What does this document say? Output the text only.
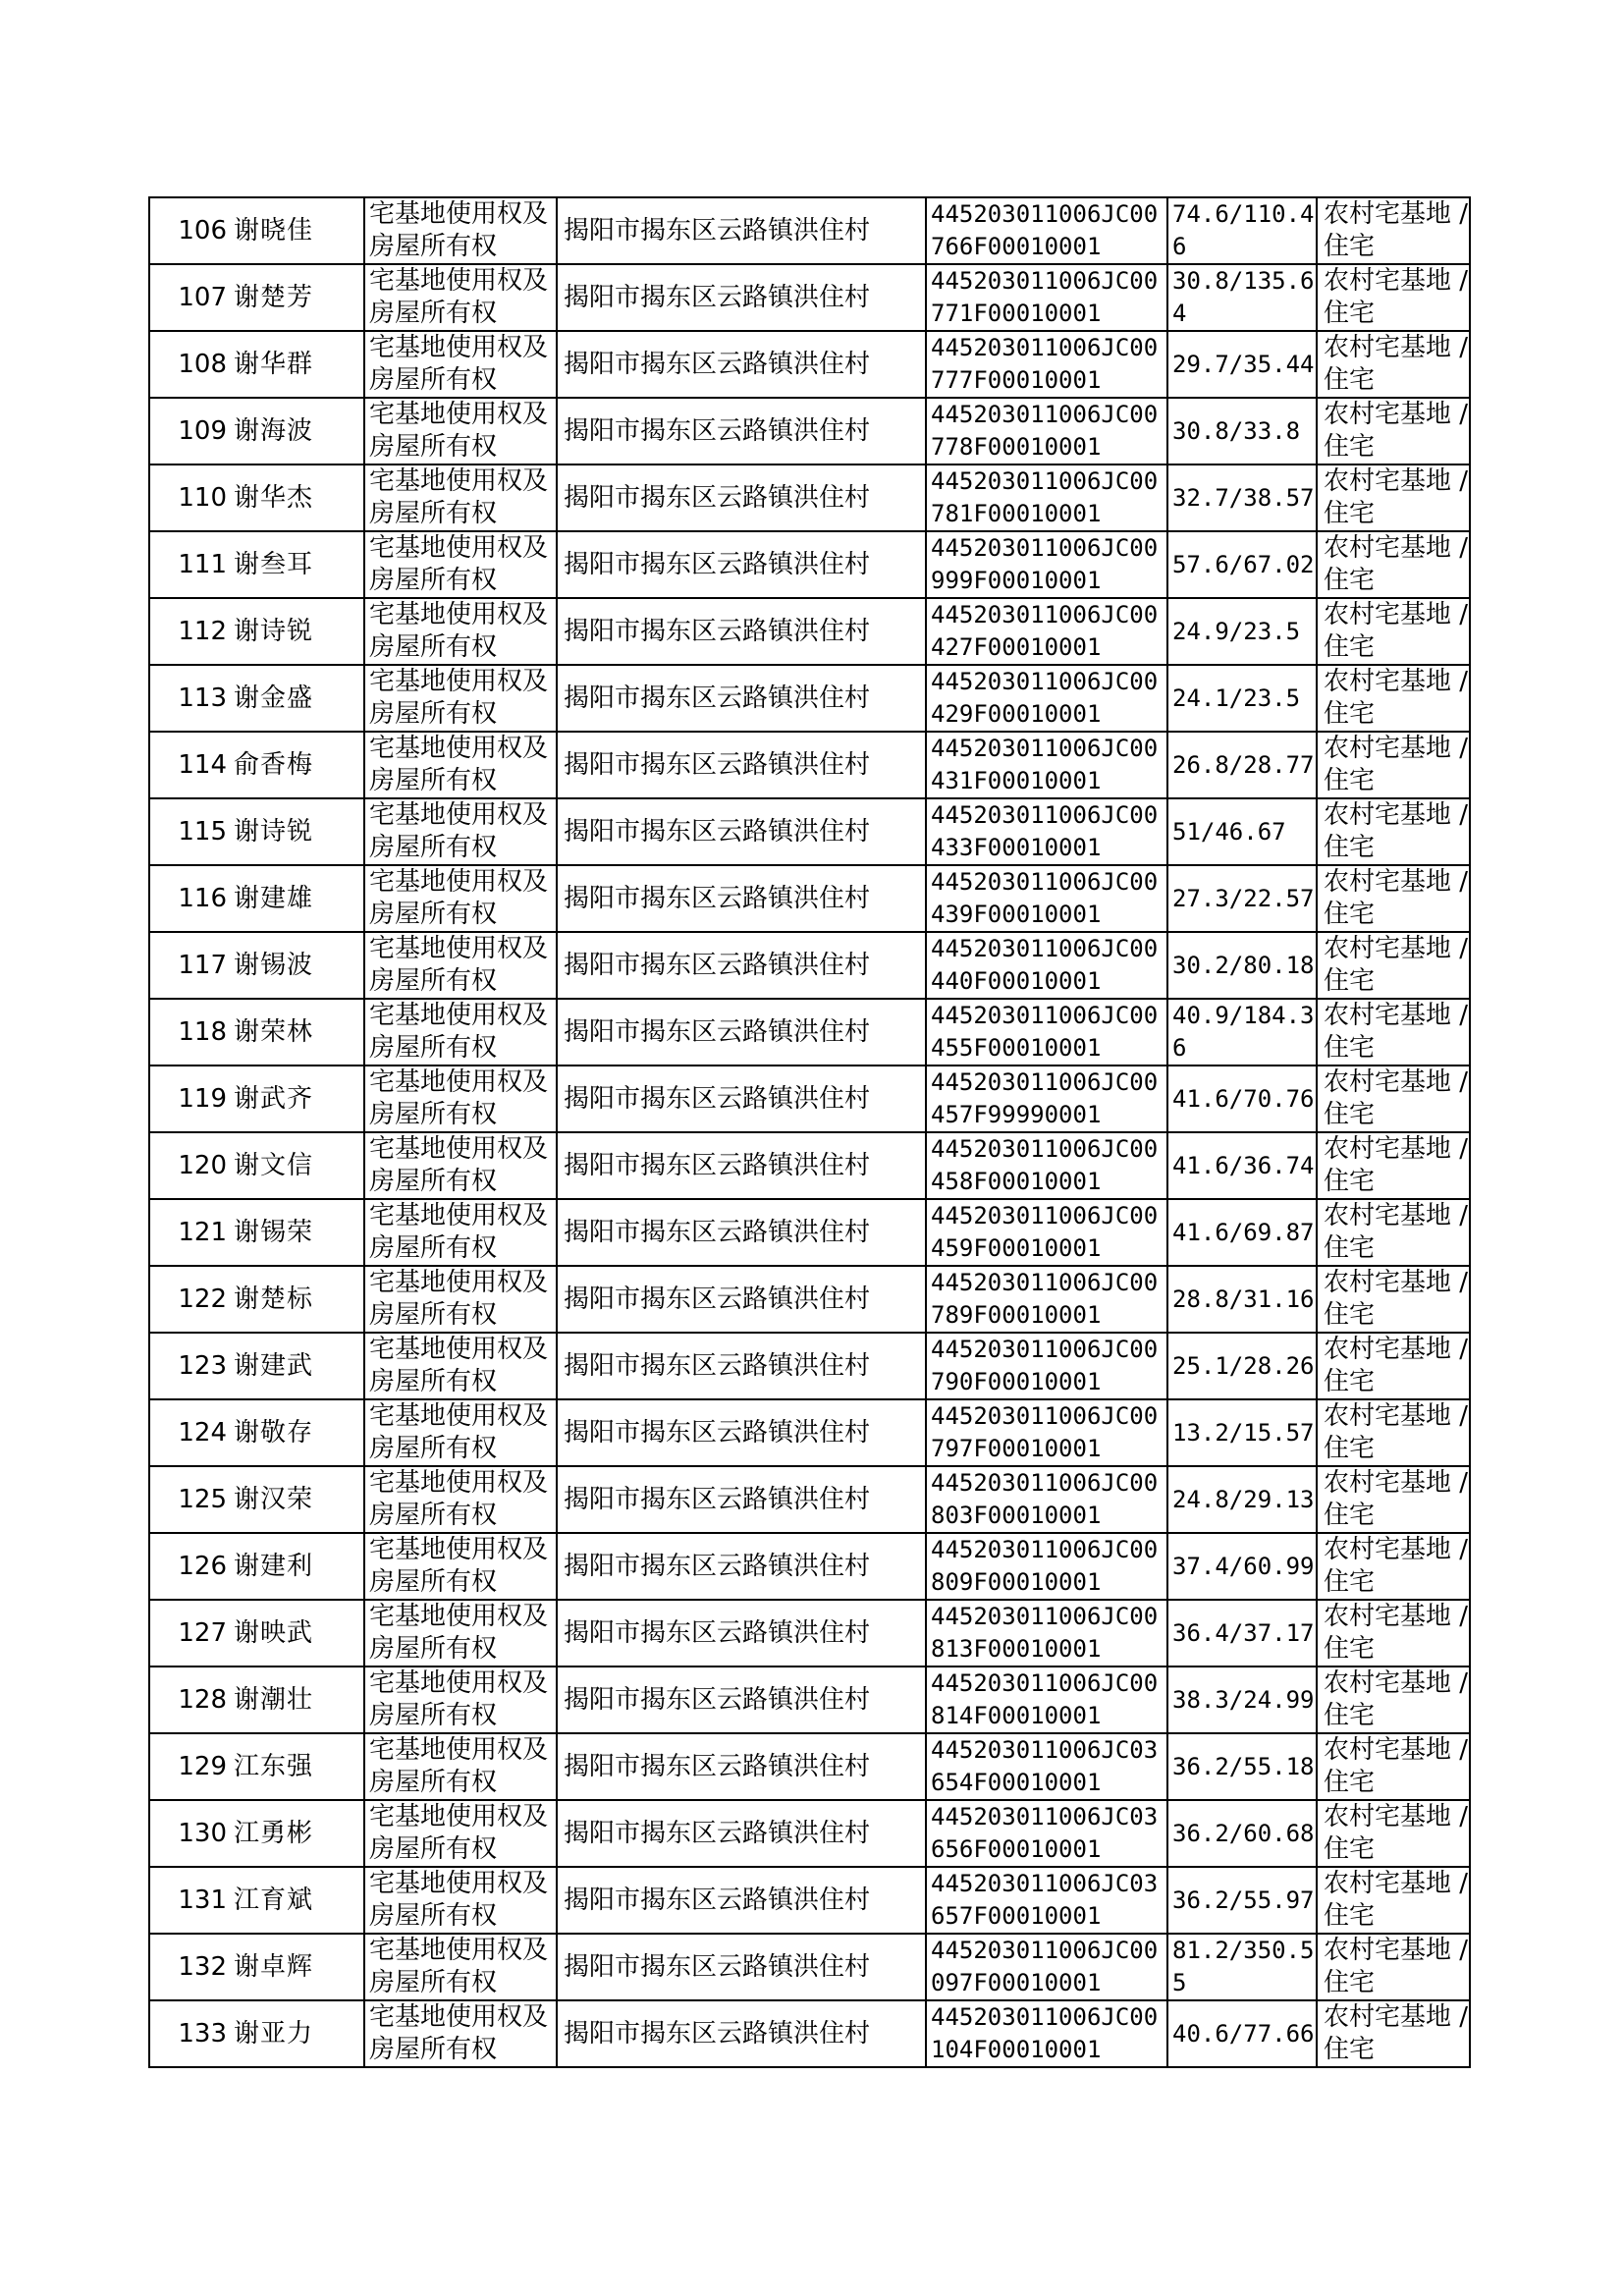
106	谢晓佳	宅基地使用权及房屋所有权	揭阳市揭东区云路镇洪住村	445203011006JC00766F00010001	74.6/110.46	农村宅基地 / 住宅
107	谢楚芳	宅基地使用权及房屋所有权	揭阳市揭东区云路镇洪住村	445203011006JC00771F00010001	30.8/135.64	农村宅基地 / 住宅
108	谢华群	宅基地使用权及房屋所有权	揭阳市揭东区云路镇洪住村	445203011006JC00777F00010001	29.7/35.44	农村宅基地 / 住宅
109	谢海波	宅基地使用权及房屋所有权	揭阳市揭东区云路镇洪住村	445203011006JC00778F00010001	30.8/33.8	农村宅基地 / 住宅
110	谢华杰	宅基地使用权及房屋所有权	揭阳市揭东区云路镇洪住村	445203011006JC00781F00010001	32.7/38.57	农村宅基地 / 住宅
111	谢叁耳	宅基地使用权及房屋所有权	揭阳市揭东区云路镇洪住村	445203011006JC00999F00010001	57.6/67.02	农村宅基地 / 住宅
112	谢诗锐	宅基地使用权及房屋所有权	揭阳市揭东区云路镇洪住村	445203011006JC00427F00010001	24.9/23.5	农村宅基地 / 住宅
113	谢金盛	宅基地使用权及房屋所有权	揭阳市揭东区云路镇洪住村	445203011006JC00429F00010001	24.1/23.5	农村宅基地 / 住宅
114	俞香梅	宅基地使用权及房屋所有权	揭阳市揭东区云路镇洪住村	445203011006JC00431F00010001	26.8/28.77	农村宅基地 / 住宅
115	谢诗锐	宅基地使用权及房屋所有权	揭阳市揭东区云路镇洪住村	445203011006JC00433F00010001	51/46.67	农村宅基地 / 住宅
116	谢建雄	宅基地使用权及房屋所有权	揭阳市揭东区云路镇洪住村	445203011006JC00439F00010001	27.3/22.57	农村宅基地 / 住宅
117	谢锡波	宅基地使用权及房屋所有权	揭阳市揭东区云路镇洪住村	445203011006JC00440F00010001	30.2/80.18	农村宅基地 / 住宅
118	谢荣林	宅基地使用权及房屋所有权	揭阳市揭东区云路镇洪住村	445203011006JC00455F00010001	40.9/184.36	农村宅基地 / 住宅
119	谢武齐	宅基地使用权及房屋所有权	揭阳市揭东区云路镇洪住村	445203011006JC00457F99990001	41.6/70.76	农村宅基地 / 住宅
120	谢文信	宅基地使用权及房屋所有权	揭阳市揭东区云路镇洪住村	445203011006JC00458F00010001	41.6/36.74	农村宅基地 / 住宅
121	谢锡荣	宅基地使用权及房屋所有权	揭阳市揭东区云路镇洪住村	445203011006JC00459F00010001	41.6/69.87	农村宅基地 / 住宅
122	谢楚标	宅基地使用权及房屋所有权	揭阳市揭东区云路镇洪住村	445203011006JC00789F00010001	28.8/31.16	农村宅基地 / 住宅
123	谢建武	宅基地使用权及房屋所有权	揭阳市揭东区云路镇洪住村	445203011006JC00790F00010001	25.1/28.26	农村宅基地 / 住宅
124	谢敬存	宅基地使用权及房屋所有权	揭阳市揭东区云路镇洪住村	445203011006JC00797F00010001	13.2/15.57	农村宅基地 / 住宅
125	谢汉荣	宅基地使用权及房屋所有权	揭阳市揭东区云路镇洪住村	445203011006JC00803F00010001	24.8/29.13	农村宅基地 / 住宅
126	谢建利	宅基地使用权及房屋所有权	揭阳市揭东区云路镇洪住村	445203011006JC00809F00010001	37.4/60.99	农村宅基地 / 住宅
127	谢映武	宅基地使用权及房屋所有权	揭阳市揭东区云路镇洪住村	445203011006JC00813F00010001	36.4/37.17	农村宅基地 / 住宅
128	谢潮壮	宅基地使用权及房屋所有权	揭阳市揭东区云路镇洪住村	445203011006JC00814F00010001	38.3/24.99	农村宅基地 / 住宅
129	江东强	宅基地使用权及房屋所有权	揭阳市揭东区云路镇洪住村	445203011006JC03654F00010001	36.2/55.18	农村宅基地 / 住宅
130	江勇彬	宅基地使用权及房屋所有权	揭阳市揭东区云路镇洪住村	445203011006JC03656F00010001	36.2/60.68	农村宅基地 / 住宅
131	江育斌	宅基地使用权及房屋所有权	揭阳市揭东区云路镇洪住村	445203011006JC03657F00010001	36.2/55.97	农村宅基地 / 住宅
132	谢卓辉	宅基地使用权及房屋所有权	揭阳市揭东区云路镇洪住村	445203011006JC00097F00010001	81.2/350.55	农村宅基地 / 住宅
133	谢亚力	宅基地使用权及房屋所有权	揭阳市揭东区云路镇洪住村	445203011006JC00104F00010001	40.6/77.66	农村宅基地 / 住宅
